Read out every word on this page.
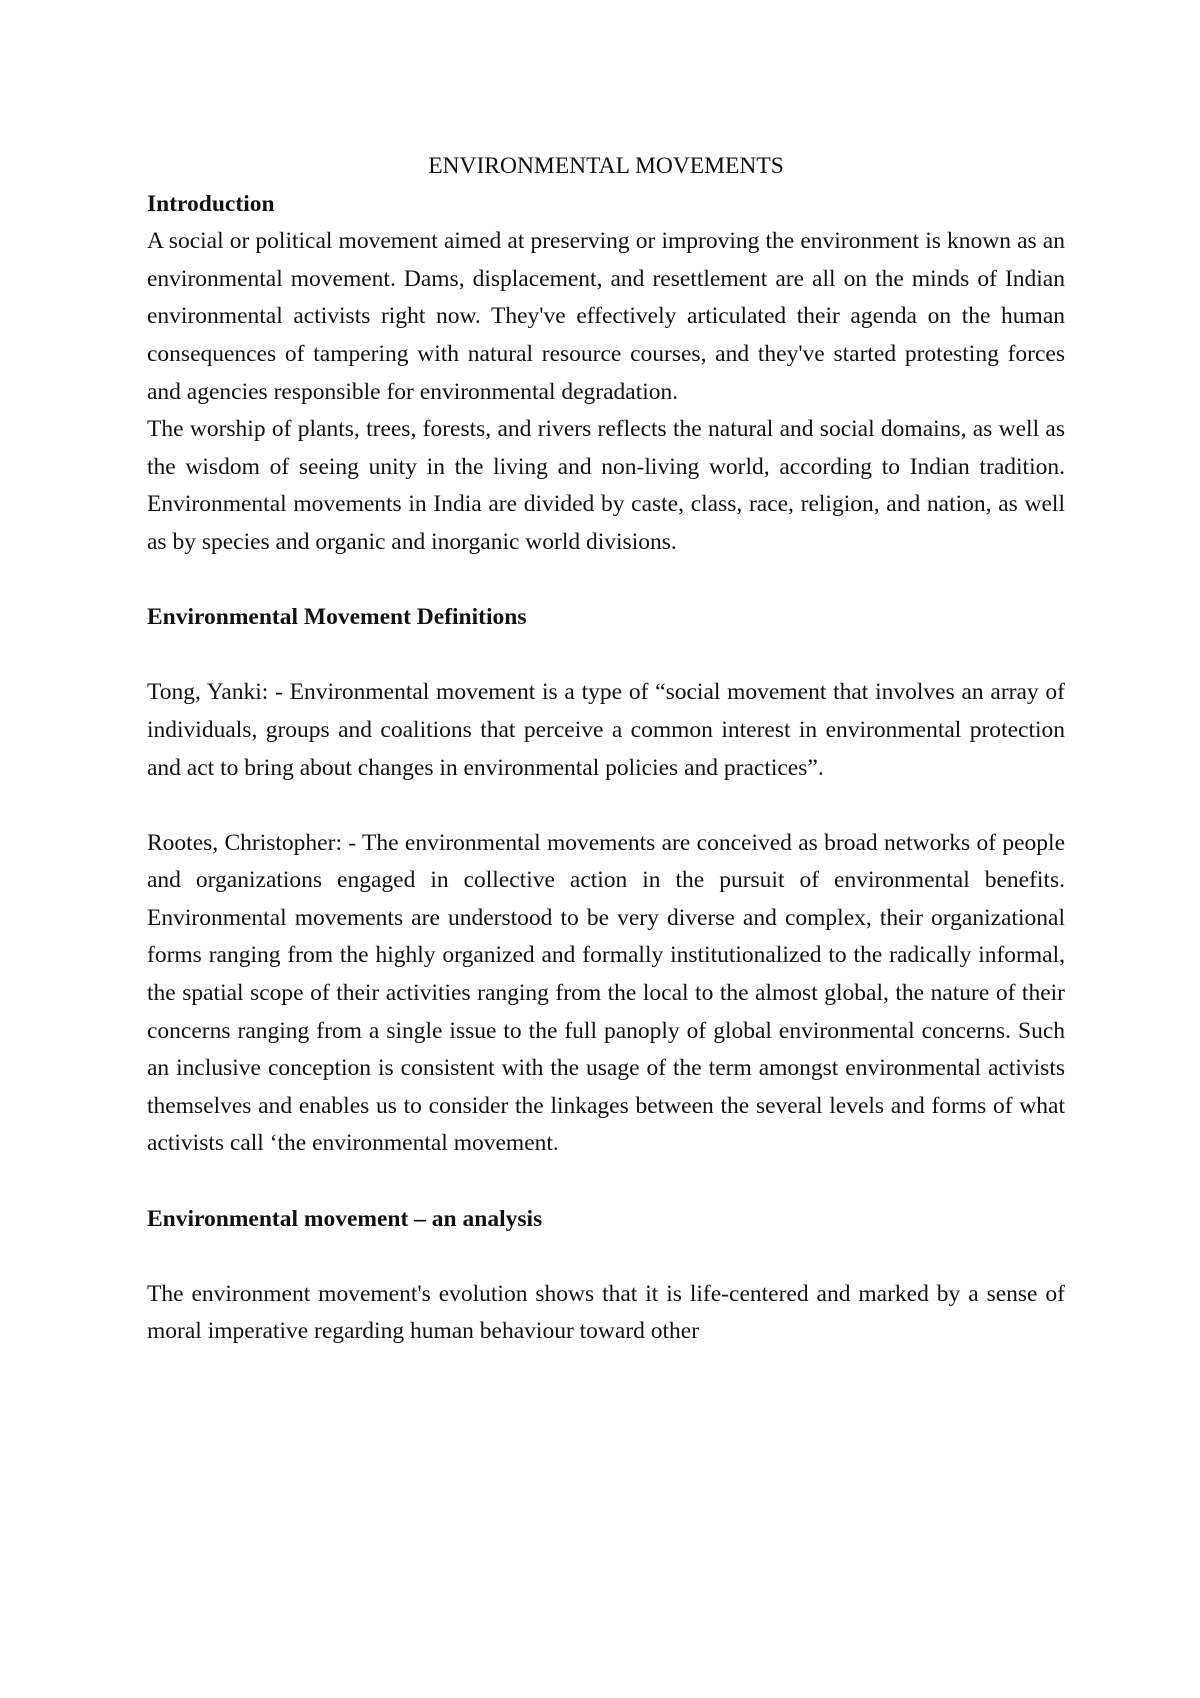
ENVIRONMENTAL MOVEMENTS
Introduction

A social or political movement aimed at preserving or improving the environment is known as an environmental movement. Dams, displacement, and resettlement are all on the minds of Indian environmental activists right now. They've effectively articulated their agenda on the human consequences of tampering with natural resource courses, and they've started protesting forces and agencies responsible for environmental degradation.

The worship of plants, trees, forests, and rivers reflects the natural and social domains, as well as the wisdom of seeing unity in the living and non-living world, according to Indian tradition. Environmental movements in India are divided by caste, class, race, religion, and nation, as well as by species and organic and inorganic world divisions.

Environmental Movement Definitions

Tong, Yanki: - Environmental movement is a type of “social movement that involves an array of individuals, groups and coalitions that perceive a common interest in environmental protection and act to bring about changes in environmental policies and practices”.

Rootes, Christopher: - The environmental movements are conceived as broad networks of people and organizations engaged in collective action in the pursuit of environmental benefits. Environmental movements are understood to be very diverse and complex, their organizational forms ranging from the highly organized and formally institutionalized to the radically informal, the spatial scope of their activities ranging from the local to the almost global, the nature of their concerns ranging from a single issue to the full panoply of global environmental concerns. Such an inclusive conception is consistent with the usage of the term amongst environmental activists themselves and enables us to consider the linkages between the several levels and forms of what activists call ‘the environmental movement.

Environmental movement – an analysis

The environment movement's evolution shows that it is life-centered and marked by a sense of moral imperative regarding human behaviour toward other
